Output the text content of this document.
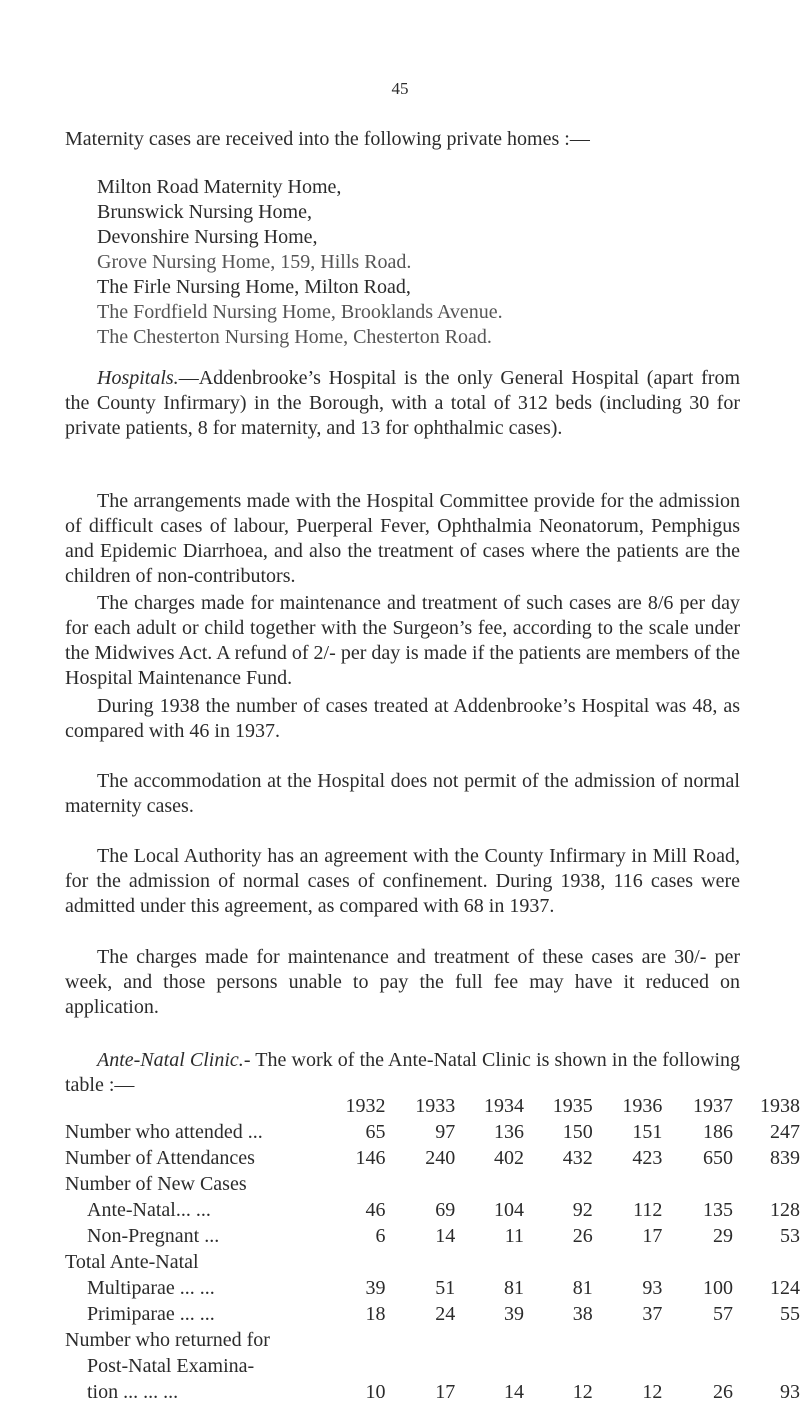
45

Maternity cases are received into the following private homes :—

Milton Road Maternity Home,
Brunswick Nursing Home,
Devonshire Nursing Home,
Grove Nursing Home, 159, Hills Road.
The Firle Nursing Home, Milton Road,
The Fordfield Nursing Home, Brooklands Avenue.
The Chesterton Nursing Home, Chesterton Road.

Hospitals.—Addenbrooke’s Hospital is the only General Hospital (apart from the County Infirmary) in the Borough, with a total of 312 beds (including 30 for private patients, 8 for maternity, and 13 for ophthalmic cases).

The arrangements made with the Hospital Committee provide for the admission of difficult cases of labour, Puerperal Fever, Ophthalmia Neonatorum, Pemphigus and Epidemic Diarrhoea, and also the treatment of cases where the patients are the children of non-contributors.

The charges made for maintenance and treatment of such cases are 8/6 per day for each adult or child together with the Surgeon’s fee, according to the scale under the Midwives Act. A refund of 2/- per day is made if the patients are members of the Hospital Maintenance Fund.

During 1938 the number of cases treated at Addenbrooke’s Hospital was 48, as compared with 46 in 1937.

The accommodation at the Hospital does not permit of the admission of normal maternity cases.

The Local Authority has an agreement with the County Infirmary in Mill Road, for the admission of normal cases of confinement. During 1938, 116 cases were admitted under this agreement, as compared with 68 in 1937.

The charges made for maintenance and treatment of these cases are 30/- per week, and those persons unable to pay the full fee may have it reduced on application.

Ante-Natal Clinic.- The work of the Ante-Natal Clinic is shown in the following table :—

	1932	1933	1934	1935	1936	1937	1938
Number who attended ...	65	97	136	150	151	186	247
Number of Attendances	146	240	402	432	423	650	839
Number of New Cases							
Ante-Natal... ...	46	69	104	92	112	135	128
Non-Pregnant ...	6	14	11	26	17	29	53
Total Ante-Natal							
Multiparae ... ...	39	51	81	81	93	100	124
Primiparae ... ...	18	24	39	38	37	57	55
Number who returned for							
Post-Natal Examina-							
tion ... ... ...	10	17	14	12	12	26	93
